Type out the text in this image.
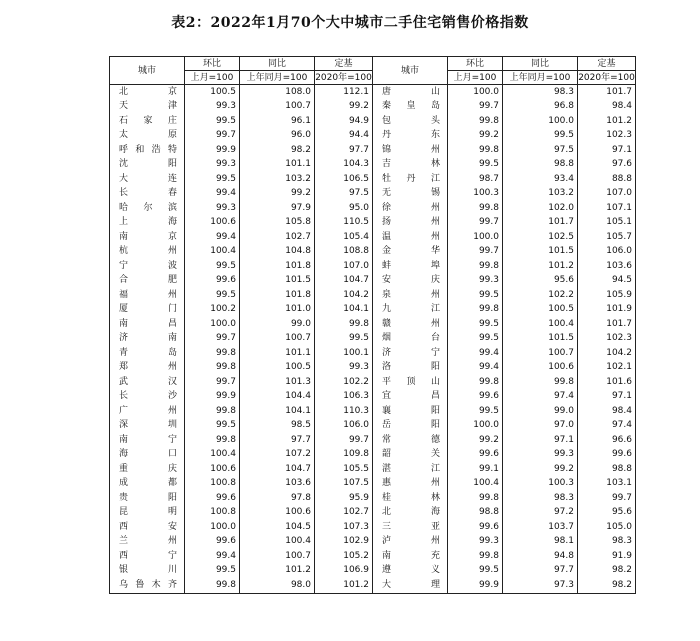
表2：2022年1月70个大中城市二手住宅销售价格指数
城市	环比	同比	定基	城市	环比	同比	定基
	上月=100	上年同月=100	2020年=100		上月=100	上年同月=100	2020年=100
北京	100.5	108.0	112.1	唐山	100.0	98.3	101.7
天津	99.3	100.7	99.2	秦皇岛	99.7	96.8	98.4
石家庄	99.5	96.1	94.9	包头	99.8	100.0	101.2
太原	99.7	96.0	94.4	丹东	99.2	99.5	102.3
呼和浩特	99.9	98.2	97.7	锦州	99.8	97.5	97.1
沈阳	99.3	101.1	104.3	吉林	99.5	98.8	97.6
大连	99.5	103.2	106.5	牡丹江	98.7	93.4	88.8
长春	99.4	99.2	97.5	无锡	100.3	103.2	107.0
哈尔滨	99.3	97.9	95.0	徐州	99.8	102.0	107.1
上海	100.6	105.8	110.5	扬州	99.7	101.7	105.1
南京	99.4	102.7	105.4	温州	100.0	102.5	105.7
杭州	100.4	104.8	108.8	金华	99.7	101.5	106.0
宁波	99.5	101.8	107.0	蚌埠	99.8	101.2	103.6
合肥	99.6	101.5	104.7	安庆	99.3	95.6	94.5
福州	99.5	101.8	104.2	泉州	99.5	102.2	105.9
厦门	100.2	101.0	104.1	九江	99.8	100.5	101.9
南昌	100.0	99.0	99.8	赣州	99.5	100.4	101.7
济南	99.7	100.7	99.5	烟台	99.5	101.5	102.3
青岛	99.8	101.1	100.1	济宁	99.4	100.7	104.2
郑州	99.8	100.5	99.3	洛阳	99.4	100.6	102.1
武汉	99.7	101.3	102.2	平顶山	99.8	99.8	101.6
长沙	99.9	104.4	106.3	宜昌	99.6	97.4	97.1
广州	99.8	104.1	110.3	襄阳	99.5	99.0	98.4
深圳	99.5	98.5	106.0	岳阳	100.0	97.0	97.4
南宁	99.8	97.7	99.7	常德	99.2	97.1	96.6
海口	100.4	107.2	109.8	韶关	99.6	99.3	99.6
重庆	100.6	104.7	105.5	湛江	99.1	99.2	98.8
成都	100.8	103.6	107.5	惠州	100.4	100.3	103.1
贵阳	99.6	97.8	95.9	桂林	99.8	98.3	99.7
昆明	100.8	100.6	102.7	北海	98.8	97.2	95.6
西安	100.0	104.5	107.3	三亚	99.6	103.7	105.0
兰州	99.6	100.4	102.9	泸州	99.3	98.1	98.3
西宁	99.4	100.7	105.2	南充	99.8	94.8	91.9
银川	99.5	101.2	106.9	遵义	99.5	97.7	98.2
乌鲁木齐	99.8	98.0	101.2	大理	99.9	97.3	98.2
